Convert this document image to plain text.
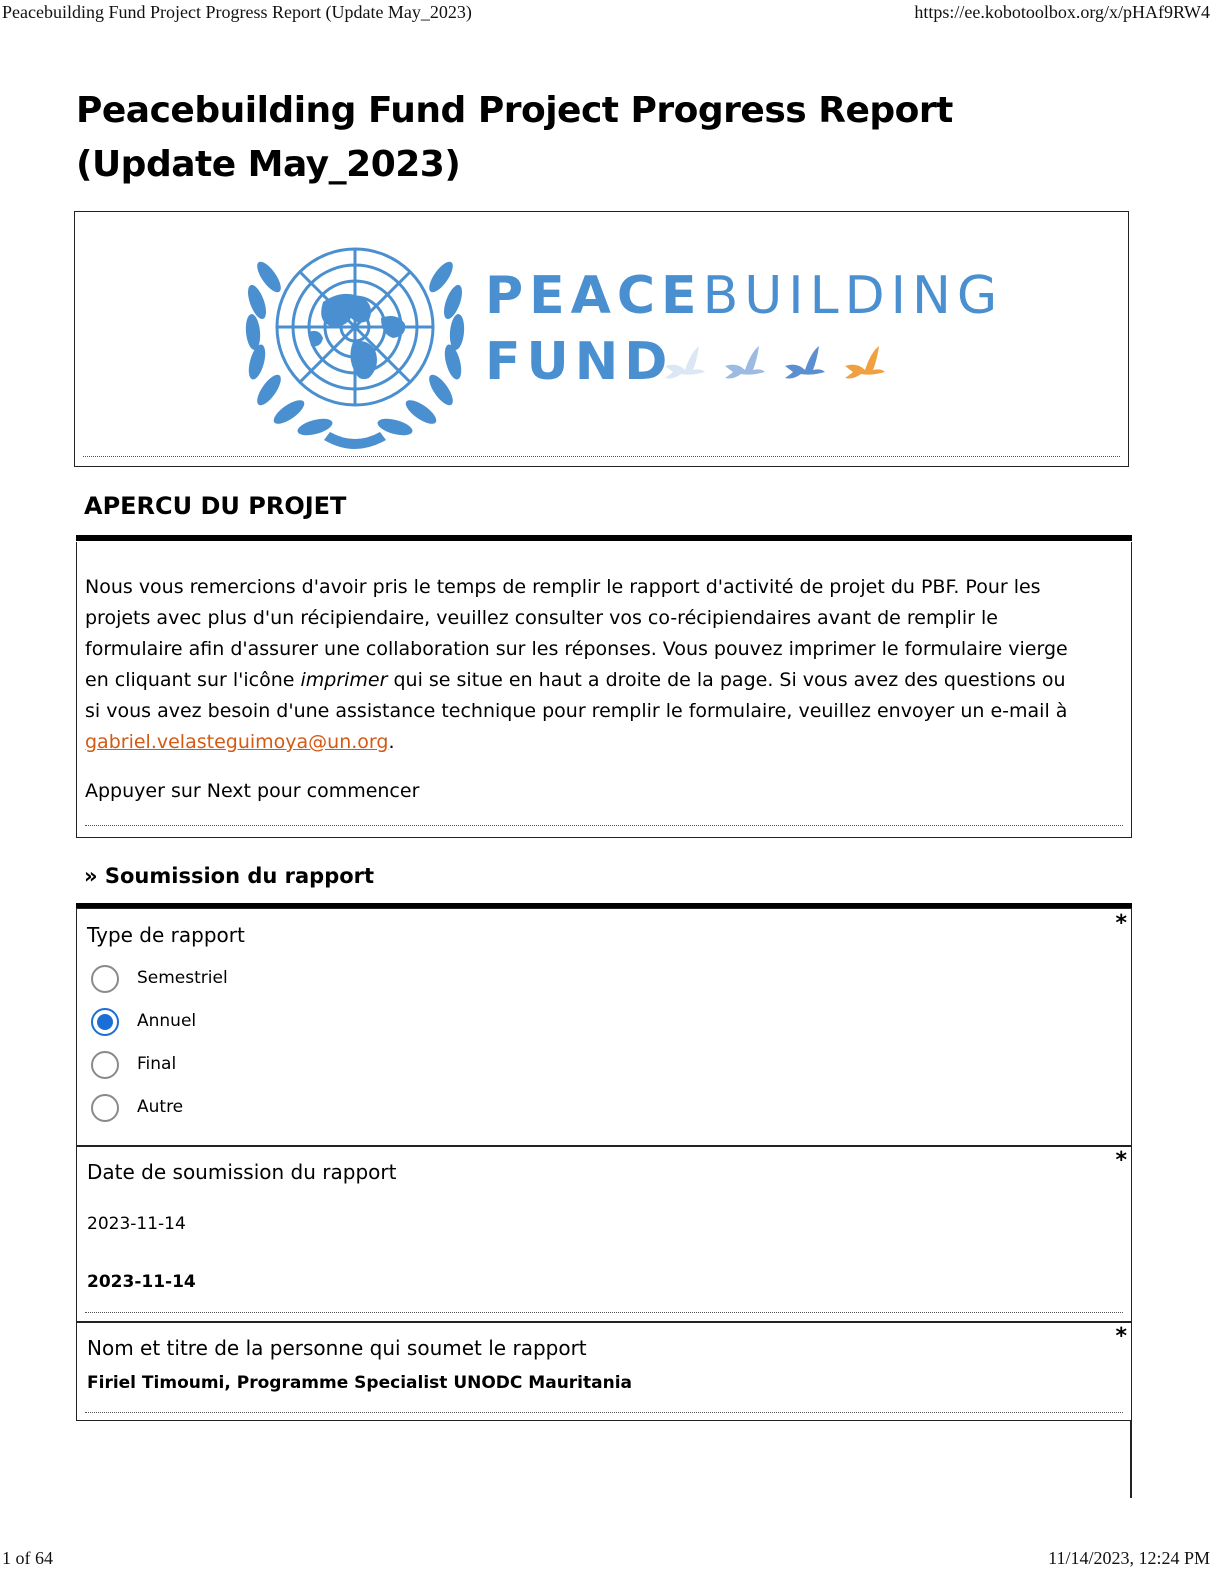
Peacebuilding Fund Project Progress Report (Update May_2023)	https://ee.kobotoolbox.org/x/pHAf9RW4
Peacebuilding Fund Project Progress Report (Update May_2023)
PEACEBUILDING
FUND
APERCU DU PROJET

Nous vous remercions d'avoir pris le temps de remplir le rapport d'activité de projet du PBF. Pour les projets avec plus d'un récipiendaire, veuillez consulter vos co-récipiendaires avant de remplir le formulaire afin d'assurer une collaboration sur les réponses. Vous pouvez imprimer le formulaire vierge en cliquant sur l'icône imprimer qui se situe en haut a droite de la page. Si vous avez des questions ou si vous avez besoin d'une assistance technique pour remplir le formulaire, veuillez envoyer un e-mail à gabriel.velasteguimoya@un.org.

Appuyer sur Next pour commencer
» Soumission du rapport
Type de rapport	*
Semestriel
Annuel
Final
Autre
Date de soumission du rapport	*
2023-11-14
2023-11-14
Nom et titre de la personne qui soumet le rapport	*
Firiel Timoumi, Programme Specialist UNODC Mauritania
1 of 64	11/14/2023, 12:24 PM
